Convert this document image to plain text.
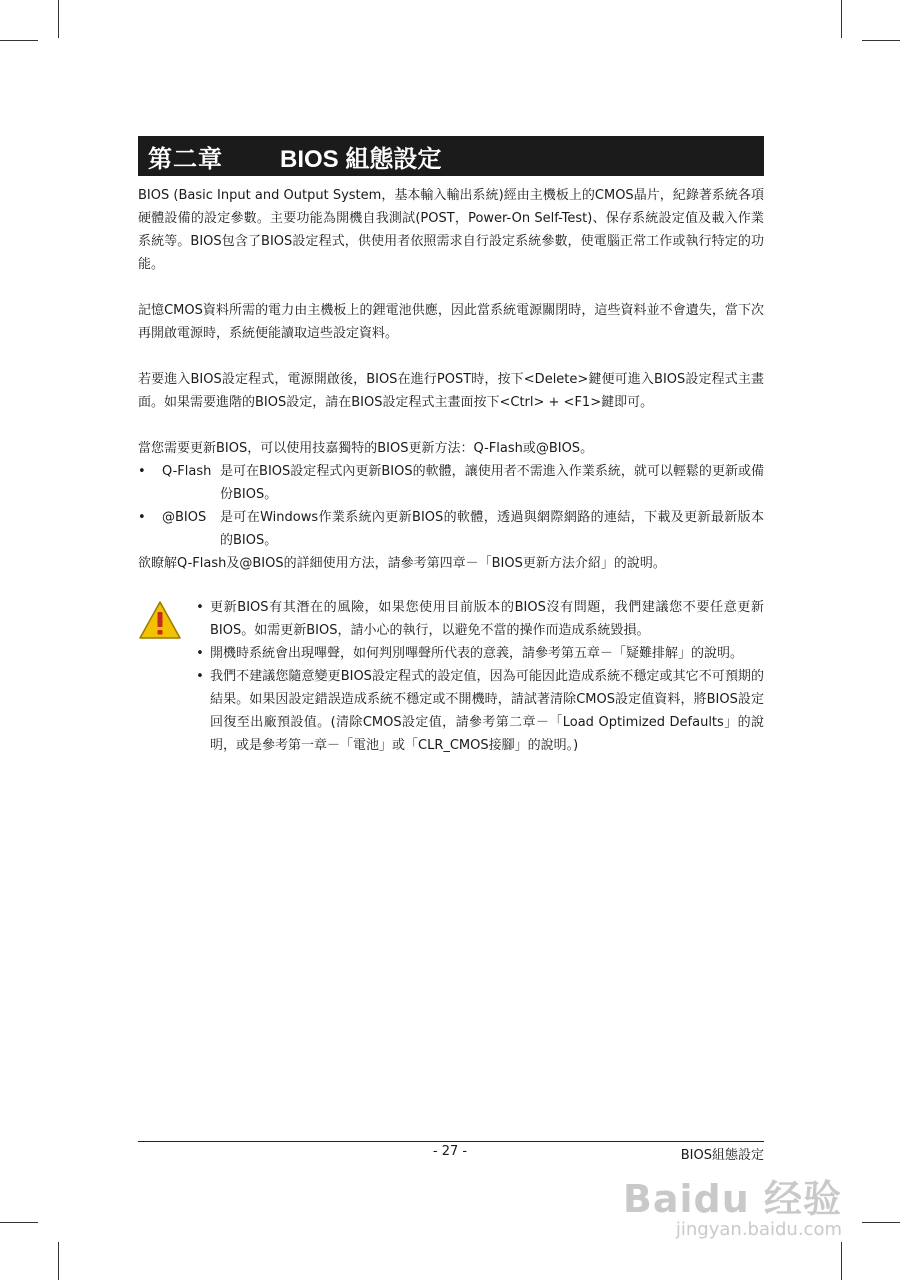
第二章	BIOS 組態設定

BIOS (Basic Input and Output System，基本輸入輸出系統)經由主機板上的CMOS晶片，紀錄著系統各項硬體設備的設定參數。主要功能為開機自我測試(POST，Power-On Self-Test)、保存系統設定值及載入作業系統等。BIOS包含了BIOS設定程式，供使用者依照需求自行設定系統參數，使電腦正常工作或執行特定的功能。

記憶CMOS資料所需的電力由主機板上的鋰電池供應，因此當系統電源關閉時，這些資料並不會遺失，當下次再開啟電源時，系統便能讀取這些設定資料。

若要進入BIOS設定程式，電源開啟後，BIOS在進行POST時，按下<Delete>鍵便可進入BIOS設定程式主畫面。如果需要進階的BIOS設定，請在BIOS設定程式主畫面按下<Ctrl> + <F1>鍵即可。

當您需要更新BIOS，可以使用技嘉獨特的BIOS更新方法：Q-Flash或@BIOS。

•	Q-Flash 是可在BIOS設定程式內更新BIOS的軟體，讓使用者不需進入作業系統，就可以輕鬆的更新或備份BIOS。
•	@BIOS	是可在Windows作業系統內更新BIOS的軟體，透過與網際網路的連結，下載及更新最新版本的BIOS。

欲瞭解Q-Flash及@BIOS的詳細使用方法，請參考第四章－「BIOS更新方法介紹」的說明。

• 更新BIOS有其潛在的風險，如果您使用目前版本的BIOS沒有問題，我們建議您不要任意更新BIOS。如需更新BIOS，請小心的執行，以避免不當的操作而造成系統毀損。
• 開機時系統會出現嗶聲，如何判別嗶聲所代表的意義，請參考第五章－「疑難排解」的說明。
• 我們不建議您隨意變更BIOS設定程式的設定值，因為可能因此造成系統不穩定或其它不可預期的結果。如果因設定錯誤造成系統不穩定或不開機時，請試著清除CMOS設定值資料，將BIOS設定回復至出廠預設值。(清除CMOS設定值，請參考第二章－「Load Optimized Defaults」的說明，或是參考第一章－「電池」或「CLR_CMOS接腳」的說明。)
- 27 -	BIOS組態設定
Baidu 经验
jingyan.baidu.com
